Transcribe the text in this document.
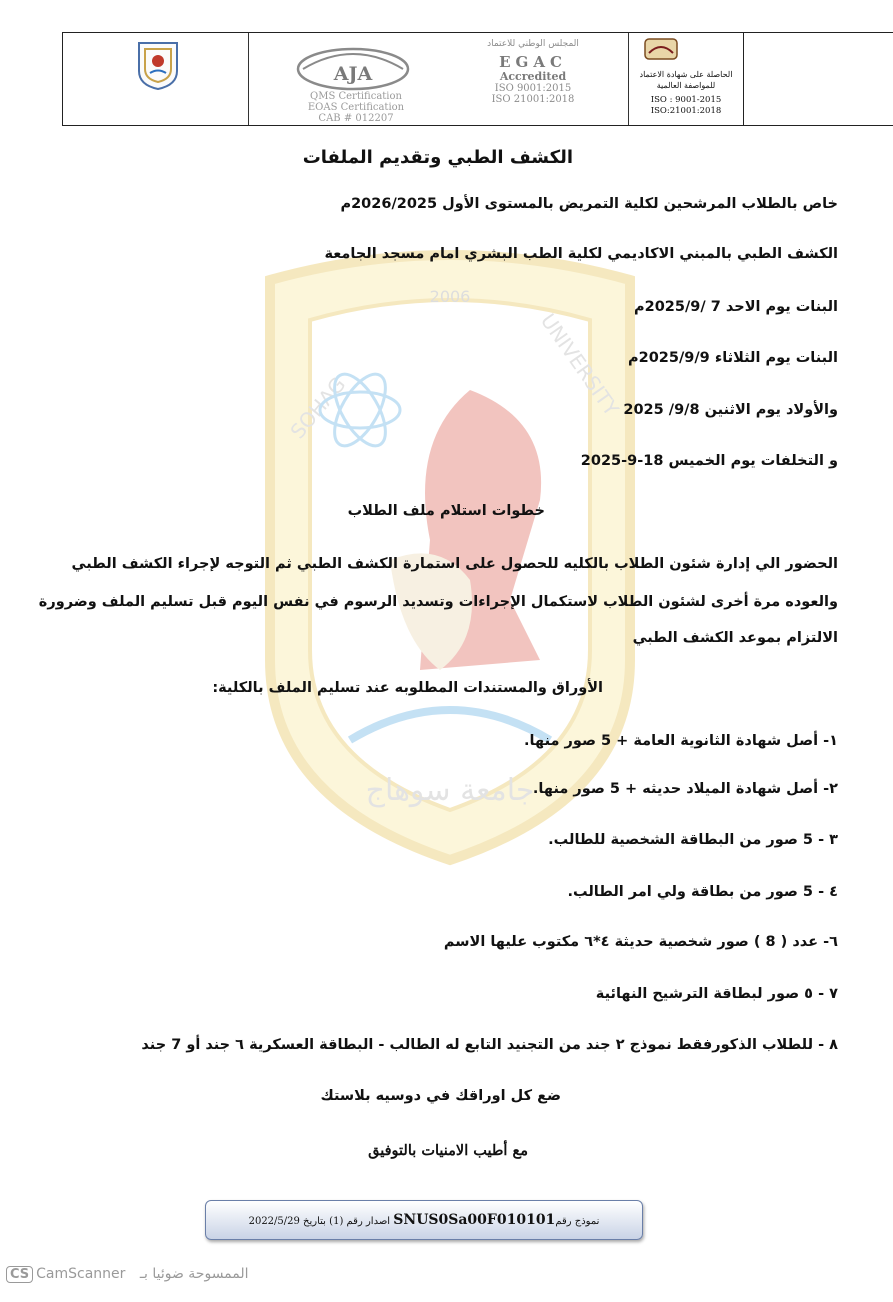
AJA
QMS Certification
EOAS Certification
CAB # 012207
المجلس الوطني للاعتماد
EGAC
Accredited
ISO 9001:2015
ISO 21001:2018
الحاصلة على شهادة الاعتماد
للمواصفة العالمية
ISO : 9001-2015
ISO:21001:2018
2006
SOHAG	UNIVERSITY
جامعة سوهاج
الكشف الطبي وتقديم الملفات
خاص بالطلاب المرشحين لكلية التمريض بالمستوى الأول 2026/2025م
الكشف الطبي بالمبني الاكاديمي لكلية الطب البشري امام مسجد الجامعة
البنات يوم الاحد 7 /2025/9م
البنات يوم الثلاثاء 2025/9/9م
والأولاد يوم الاثنين 9/8/ 2025
و التخلفات يوم الخميس 18-9-2025
خطوات استلام ملف الطلاب
الحضور الي إدارة شئون الطلاب بالكليه للحصول على استمارة الكشف الطبي ثم التوجه لإجراء الكشف الطبي
والعوده مرة أخرى لشئون الطلاب لاستكمال الإجراءات وتسديد الرسوم في نفس اليوم قبل تسليم الملف وضرورة
الالتزام بموعد الكشف الطبي
الأوراق والمستندات المطلوبه عند تسليم الملف بالكلية:
١- أصل شهادة الثانوية العامة + 5 صور منها.
٢- أصل شهادة الميلاد حديثه + 5 صور منها.
٣ - 5 صور من البطاقة الشخصية للطالب.
٤ - 5 صور من بطاقة ولي امر الطالب.
٦- عدد ( 8 ) صور شخصية حديثة ٤*٦ مكتوب عليها الاسم
٧ - ٥ صور لبطاقة الترشيح النهائية
٨ - للطلاب الذكورفقط نموذج ٢ جند من التجنيد التابع له الطالب - البطاقة العسكرية ٦ جند أو 7 جند
ضع كل اوراقك في دوسيه بلاستك
مع أطيب الامنيات بالتوفيق
نموذج رقمSNUS0Sa00F010101 اصدار رقم (1) بتاريخ 2022/5/29
CS CamScanner الممسوحة ضوئيا بـ
